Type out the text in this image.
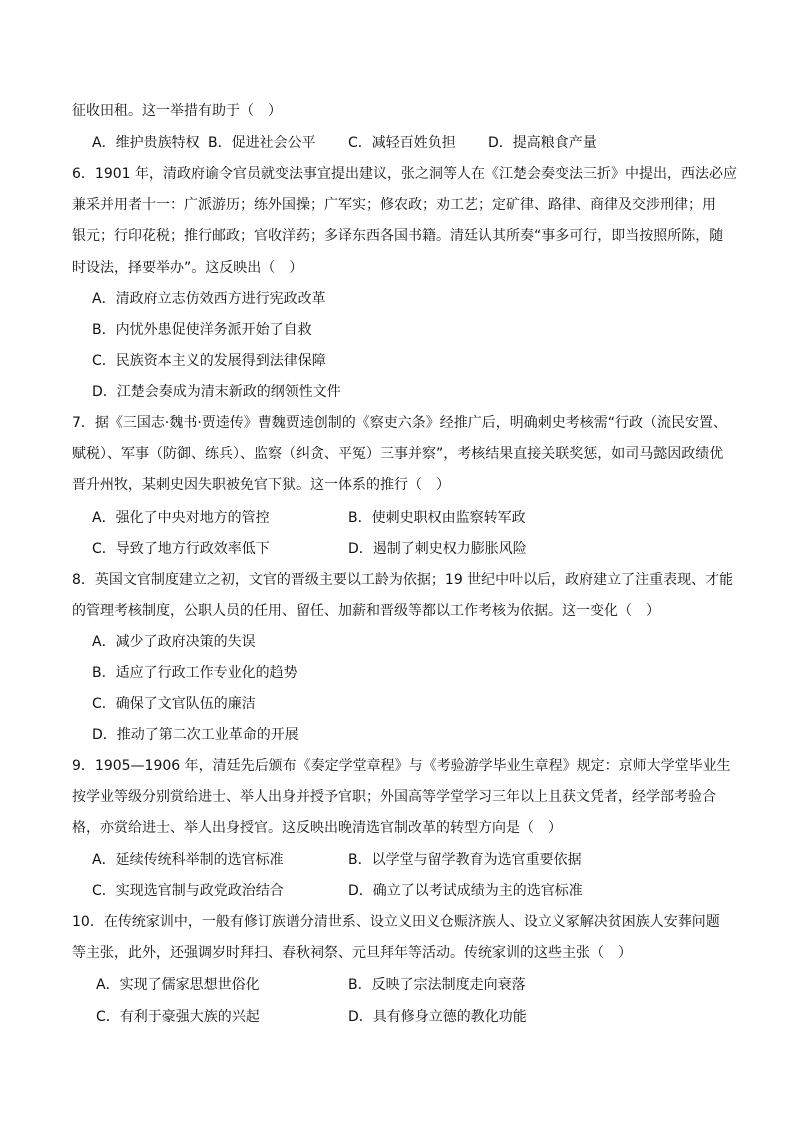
征收田租。这一举措有助于（　）
A．维护贵族特权 B．促进社会公平 C．减轻百姓负担 D．提高粮食产量
6．1901 年，清政府谕令官员就变法事宜提出建议，张之洞等人在《江楚会奏变法三折》中提出，西法必应
兼采并用者十一：广派游历；练外国操；广军实；修农政；劝工艺；定矿律、路律、商律及交涉刑律；用
银元；行印花税；推行邮政；官收洋药；多译东西各国书籍。清廷认其所奏“事多可行，即当按照所陈，随
时设法，择要举办”。这反映出（　）
A．清政府立志仿效西方进行宪政改革
B．内忧外患促使洋务派开始了自救
C．民族资本主义的发展得到法律保障
D．江楚会奏成为清末新政的纲领性文件
7．据《三国志·魏书·贾逵传》曹魏贾逵创制的《察吏六条》经推广后，明确刺史考核需“行政（流民安置、
赋税）、军事（防御、练兵）、监察（纠贪、平冤）三事并察”，考核结果直接关联奖惩，如司马懿因政绩优
晋升州牧，某刺史因失职被免官下狱。这一体系的推行（　）
A．强化了中央对地方的管控	B．使刺史职权由监察转军政
C．导致了地方行政效率低下	D．遏制了刺史权力膨胀风险
8．英国文官制度建立之初，文官的晋级主要以工龄为依据；19 世纪中叶以后，政府建立了注重表现、才能
的管理考核制度，公职人员的任用、留任、加薪和晋级等都以工作考核为依据。这一变化（　）
A．减少了政府决策的失误
B．适应了行政工作专业化的趋势
C．确保了文官队伍的廉洁
D．推动了第二次工业革命的开展
9．1905—1906 年，清廷先后颁布《奏定学堂章程》与《考验游学毕业生章程》规定：京师大学堂毕业生
按学业等级分别赏给进士、举人出身并授予官职；外国高等学堂学习三年以上且获文凭者，经学部考验合
格，亦赏给进士、举人出身授官。这反映出晚清选官制改革的转型方向是（　）
A．延续传统科举制的选官标准	B．以学堂与留学教育为选官重要依据
C．实现选官制与政党政治结合	D．确立了以考试成绩为主的选官标准
10．在传统家训中，一般有修订族谱分清世系、设立义田义仓赈济族人、设立义冢解决贫困族人安葬问题
等主张，此外，还强调岁时拜扫、春秋祠祭、元旦拜年等活动。传统家训的这些主张（　）
A．实现了儒家思想世俗化	B．反映了宗法制度走向衰落
C．有利于豪强大族的兴起	D．具有修身立德的教化功能
